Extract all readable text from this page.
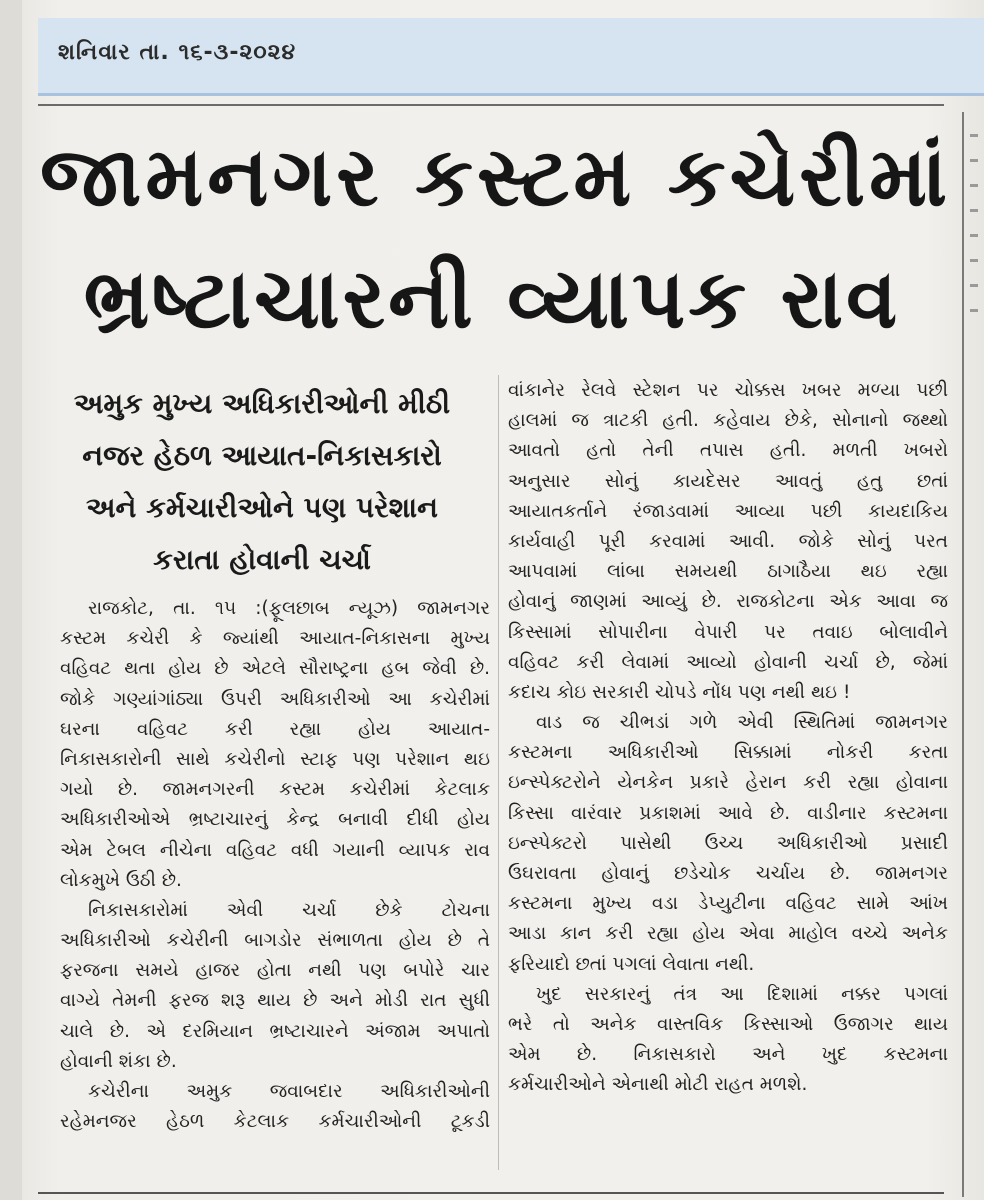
શનિવાર તા. ૧૬-૩-૨૦૨૪
જામનગર કસ્ટમ કચેરીમાં
ભ્રષ્ટાચારની વ્યાપક રાવ
અમુક મુખ્ય અધિકારીઓની મીઠી
નજર હેઠળ આયાત-નિકાસકારો
અને કર્મચારીઓને પણ પરેશાન
કરાતા હોવાની ચર્ચા
રાજકોટ, તા. ૧૫ :(ફૂલછાબ ન્યૂઝ) જામનગર
કસ્ટમ કચેરી કે જ્યાંથી આયાત-નિકાસના મુખ્ય
વહિવટ થતા હોય છે એટલે સૌરાષ્ટ્રના હબ જેવી છે.
જોકે ગણ્યાંગાંઠ્યા ઉપરી અધિકારીઓ આ કચેરીમાં
ઘરના વહિવટ કરી રહ્યા હોય આયાત-
નિકાસકારોની સાથે કચેરીનો સ્ટાફ પણ પરેશાન થઇ
ગયો છે. જામનગરની કસ્ટમ કચેરીમાં કેટલાક
અધિકારીઓએ ભ્રષ્ટાચારનું કેન્દ્ર બનાવી દીધી હોય
એમ ટેબલ નીચેના વહિવટ વધી ગયાની વ્યાપક રાવ
લોકમુખે ઉઠી છે.
નિકાસકારોમાં એવી ચર્ચા છેકે ટોચના
અધિકારીઓ કચેરીની બાગડોર સંભાળતા હોય છે તે
ફરજના સમયે હાજર હોતા નથી પણ બપોરે ચાર
વાગ્યે તેમની ફરજ શરૂ થાય છે અને મોડી રાત સુધી
ચાલે છે. એ દરમિયાન ભ્રષ્ટાચારને અંજામ અપાતો
હોવાની શંકા છે.
કચેરીના અમુક જવાબદાર અધિકારીઓની
રહેમનજર હેઠળ કેટલાક કર્મચારીઓની ટૂકડી
વાંકાનેર રેલવે સ્ટેશન પર ચોક્કસ ખબર મળ્યા પછી
હાલમાં જ ત્રાટકી હતી. કહેવાય છેકે, સોનાનો જથ્થો
આવતો હતો તેની તપાસ હતી. મળતી ખબરો
અનુસાર સોનું કાયદેસર આવતું હતુ છતાં
આયાતકર્તાને રંજાડવામાં આવ્યા પછી કાયદાકિય
કાર્યવાહી પૂરી કરવામાં આવી. જોકે સોનું પરત
આપવામાં લાંબા સમયથી ઠાગાઠૈયા થઇ રહ્યા
હોવાનું જાણમાં આવ્યું છે. રાજકોટના એક આવા જ
કિસ્સામાં સોપારીના વેપારી પર તવાઇ બોલાવીને
વહિવટ કરી લેવામાં આવ્યો હોવાની ચર્ચા છે, જેમાં
કદાચ કોઇ સરકારી ચોપડે નોંધ પણ નથી થઇ !
વાડ જ ચીભડાં ગળે એવી સ્થિતિમાં જામનગર
કસ્ટમના અધિકારીઓ સિક્કામાં નોકરી કરતા
ઇન્સ્પેક્ટરોને યેનકેન પ્રકારે હેરાન કરી રહ્યા હોવાના
કિસ્સા વારંવાર પ્રકાશમાં આવે છે. વાડીનાર કસ્ટમના
ઇન્સ્પેક્ટરો પાસેથી ઉચ્ચ અધિકારીઓ પ્રસાદી
ઉઘરાવતા હોવાનું છડેચોક ચર્ચાય છે. જામનગર
કસ્ટમના મુખ્ય વડા ડેપ્યુટીના વહિવટ સામે આંખ
આડા કાન કરી રહ્યા હોય એવા માહોલ વચ્ચે અનેક
ફરિયાદો છતાં પગલાં લેવાતા નથી.
ખુદ સરકારનું તંત્ર આ દિશામાં નક્કર પગલાં
ભરે તો અનેક વાસ્તવિક કિસ્સાઓ ઉજાગર થાય
એમ છે. નિકાસકારો અને ખુદ કસ્ટમના
કર્મચારીઓને એનાથી મોટી રાહત મળશે.
